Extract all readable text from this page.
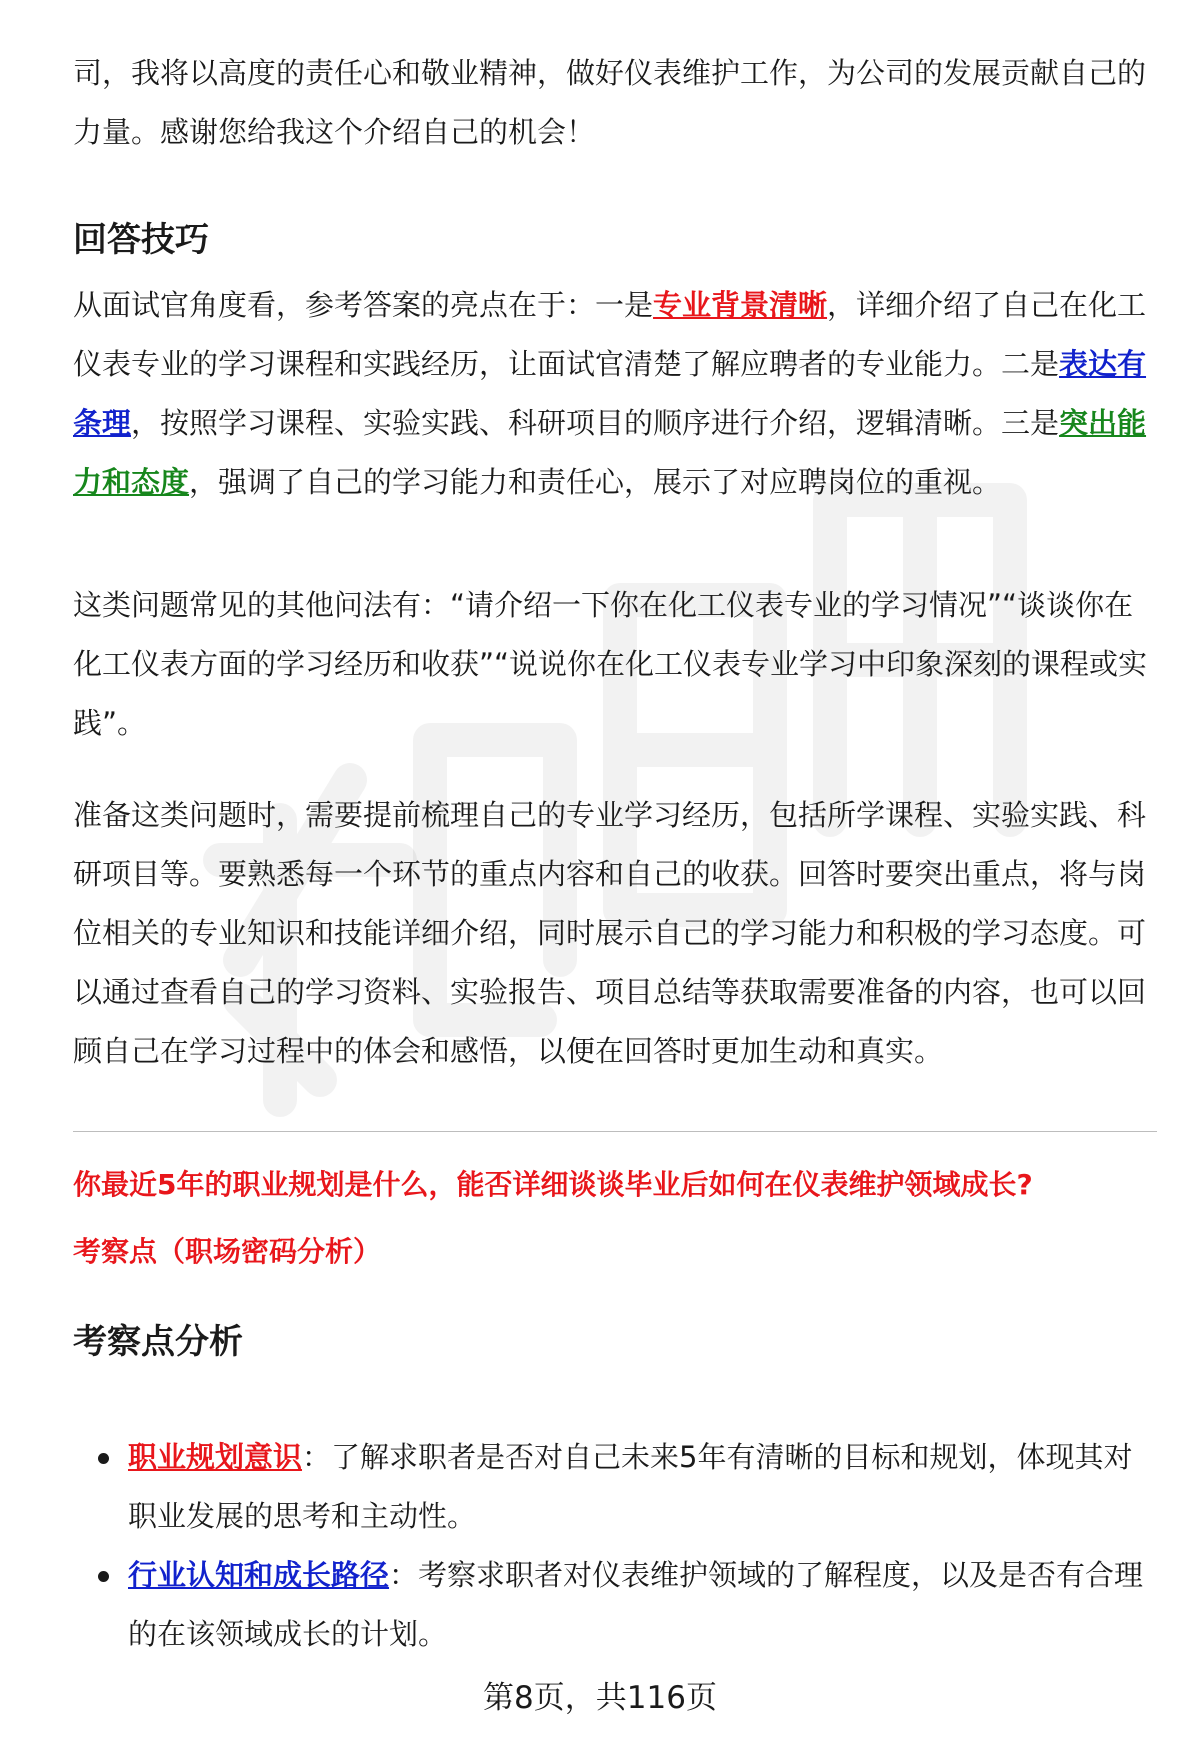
司，我将以高度的责任心和敬业精神，做好仪表维护工作，为公司的发展贡献自己的力量。感谢您给我这个介绍自己的机会！

回答技巧

从面试官角度看，参考答案的亮点在于：一是专业背景清晰，详细介绍了自己在化工仪表专业的学习课程和实践经历，让面试官清楚了解应聘者的专业能力。二是表达有条理，按照学习课程、实验实践、科研项目的顺序进行介绍，逻辑清晰。三是突出能力和态度，强调了自己的学习能力和责任心，展示了对应聘岗位的重视。

这类问题常见的其他问法有：“请介绍一下你在化工仪表专业的学习情况”“谈谈你在化工仪表方面的学习经历和收获”“说说你在化工仪表专业学习中印象深刻的课程或实践”。

准备这类问题时，需要提前梳理自己的专业学习经历，包括所学课程、实验实践、科研项目等。要熟悉每一个环节的重点内容和自己的收获。回答时要突出重点，将与岗位相关的专业知识和技能详细介绍，同时展示自己的学习能力和积极的学习态度。可以通过查看自己的学习资料、实验报告、项目总结等获取需要准备的内容，也可以回顾自己在学习过程中的体会和感悟，以便在回答时更加生动和真实。

你最近5年的职业规划是什么，能否详细谈谈毕业后如何在仪表维护领域成长?

考察点（职场密码分析）

考察点分析
职业规划意识：了解求职者是否对自己未来5年有清晰的目标和规划，体现其对职业发展的思考和主动性。
行业认知和成长路径：考察求职者对仪表维护领域的了解程度，以及是否有合理的在该领域成长的计划。
第8页，共116页
